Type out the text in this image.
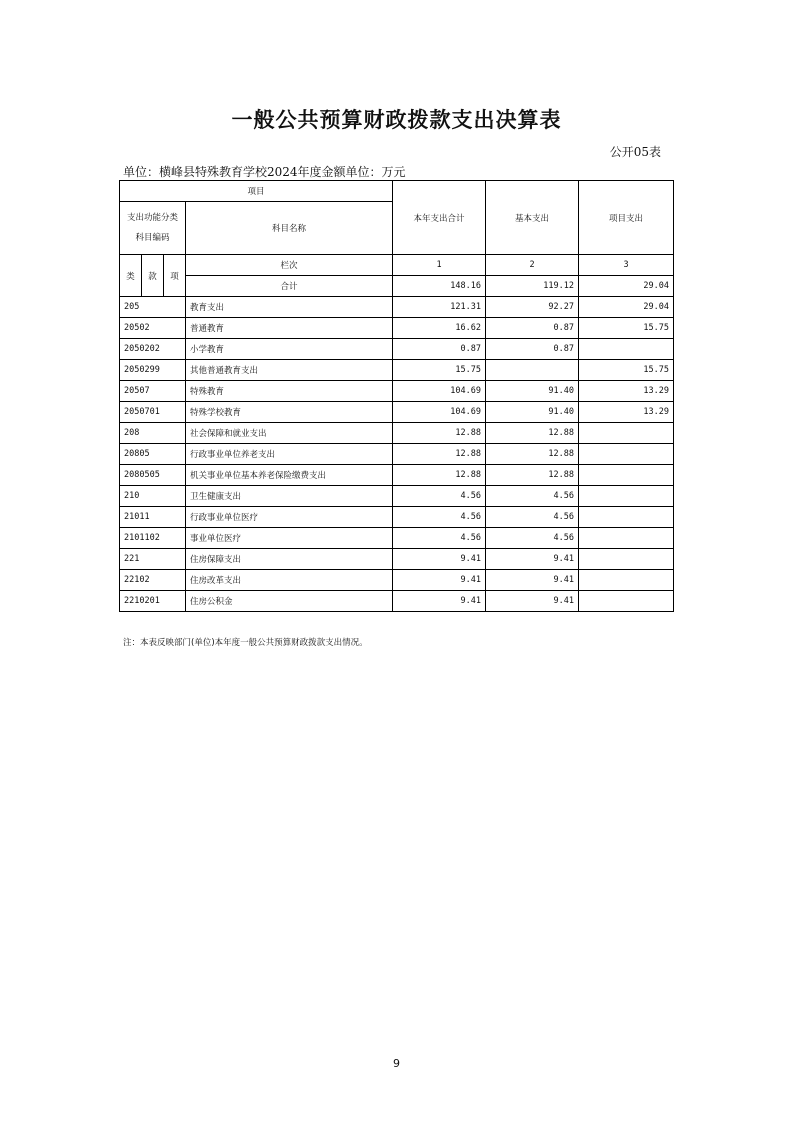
一般公共预算财政拨款支出决算表
公开05表
单位：横峰县特殊教育学校2024年度金额单位：万元
项目				本年支出合计	基本支出	项目支出

支出功能分类
科目编码			科目名称			

类	款	项	栏次	1	2	3
			合计	148.16	119.12	29.04
205			教育支出	121.31	92.27	29.04
20502			普通教育	16.62	0.87	15.75
2050202			小学教育	0.87	0.87	
2050299			其他普通教育支出	15.75		15.75
20507			特殊教育	104.69	91.40	13.29
2050701			特殊学校教育	104.69	91.40	13.29
208			社会保障和就业支出	12.88	12.88	
20805			行政事业单位养老支出	12.88	12.88	
2080505			机关事业单位基本养老保险缴费支出	12.88	12.88	
210			卫生健康支出	4.56	4.56	
21011			行政事业单位医疗	4.56	4.56	
2101102			事业单位医疗	4.56	4.56	
221			住房保障支出	9.41	9.41	
22102			住房改革支出	9.41	9.41	
2210201			住房公积金	9.41	9.41	
注：本表反映部门(单位)本年度一般公共预算财政拨款支出情况。
9
